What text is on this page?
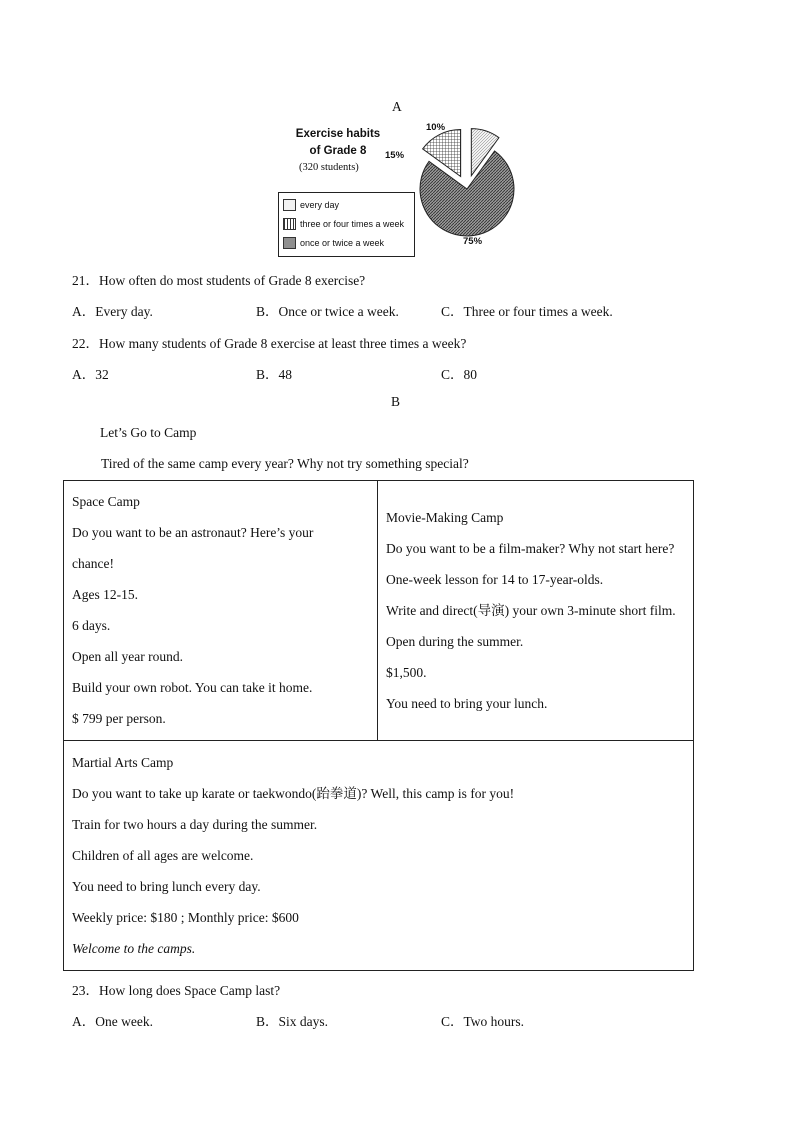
A
Exercise habits
of Grade 8
(320 students)
10%
15%
75%
every day
three or four times a week
once or twice a week
21．How often do most students of Grade 8 exercise?
A．Every day.	B．Once or twice a week.	C．Three or four times a week.
22．How many students of Grade 8 exercise at least three times a week?
A．32	B．48	C．80
B
Let’s Go to Camp
Tired of the same camp every year? Why not try something special?
Space Camp
Do you want to be an astronaut? Here’s your
chance!
Ages 12-15.
6 days.
Open all year round.
Build your own robot. You can take it home.
$ 799 per person.

Movie-Making Camp
Do you want to be a film-maker? Why not start here?
One-week lesson for 14 to 17-year-olds.
Write and direct(导演) your own 3-minute short film.
Open during the summer.
$1,500.
You need to bring your lunch.

Martial Arts Camp
Do you want to take up karate or taekwondo(跆拳道)? Well, this camp is for you!
Train for two hours a day during the summer.
Children of all ages are welcome.
You need to bring lunch every day.
Weekly price: $180 ; Monthly price: $600
Welcome to the camps.
23．How long does Space Camp last?
A．One week.	B．Six days.	C．Two hours.
